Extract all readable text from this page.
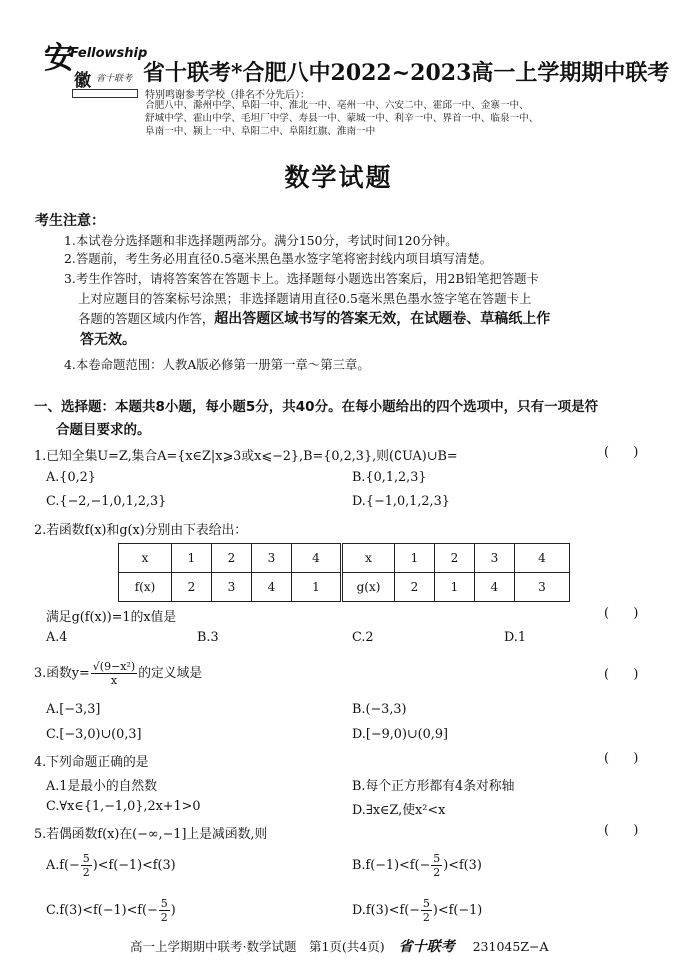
安
Fellowship
徽 省十联考 省十联考*合肥八中2022~2023高一上学期期中联考
特别鸣谢参考学校（排名不分先后）：
合肥八中、滁州中学、阜阳一中、淮北一中、亳州一中、六安二中、霍邱一中、金寨一中、
舒城中学、霍山中学、毛坦厂中学、寿县一中、蒙城一中、利辛一中、界首一中、临泉一中、
阜南一中、颍上一中、阜阳二中、阜阳红旗、淮南一中
数学试题
考生注意：
1.本试卷分选择题和非选择题两部分。满分150分，考试时间120分钟。
2.答题前，考生务必用直径0.5毫米黑色墨水签字笔将密封线内项目填写清楚。
3.考生作答时，请将答案答在答题卡上。选择题每小题选出答案后，用2B铅笔把答题卡
上对应题目的答案标号涂黑；非选择题请用直径0.5毫米黑色墨水签字笔在答题卡上
各题的答题区域内作答，超出答题区域书写的答案无效，在试题卷、草稿纸上作
答无效。
4.本卷命题范围：人教A版必修第一册第一章～第三章。
一、选择题：本题共8小题，每小题5分，共40分。在每小题给出的四个选项中，只有一项是符
合题目要求的。
1.已知全集U=Z,集合A={x∈Z|x⩾3或x⩽−2},B={0,2,3},则(∁UA)∪B=	(      )
A.{0,2}	B.{0,1,2,3}
C.{−2,−1,0,1,2,3}	D.{−1,0,1,2,3}
2.若函数f(x)和g(x)分别由下表给出：
x	1	2	3	4
f(x)	2	3	4	1
x	1	2	3	4
g(x)	2	1	4	3
满足g(f(x))=1的x值是	(      )
A.4	B.3	C.2	D.1
3.函数$y= \frac{\text{√(9−x²)}}{x}$ 的定义域是	(      )
A.[−3,3]	B.(−3,3)
C.[−3,0)∪(0,3]	D.[−9,0)∪(0,9]
4.下列命题正确的是	(      )
A.1是最小的自然数	B.每个正方形都有4条对称轴
C.∀x∈{1,−1,0},2x+1>0	D.∃x∈Z,使x²<x
5.若偶函数f(x)在(−∞,−1]上是减函数,则	(      )
$A.f(- \frac{5}{2} )<f(-1)<f(3)$	$B.f(-1)<f(- \frac{5}{2} )<f(3)$
$C.f(3)<f(-1)<f(- \frac{5}{2}$ )	$D.f(3)<f(- \frac{5}{2} )<f(-1)$
高一上学期期中联考·数学试题　第1页(共4页) 省十联考 231045Z−A
